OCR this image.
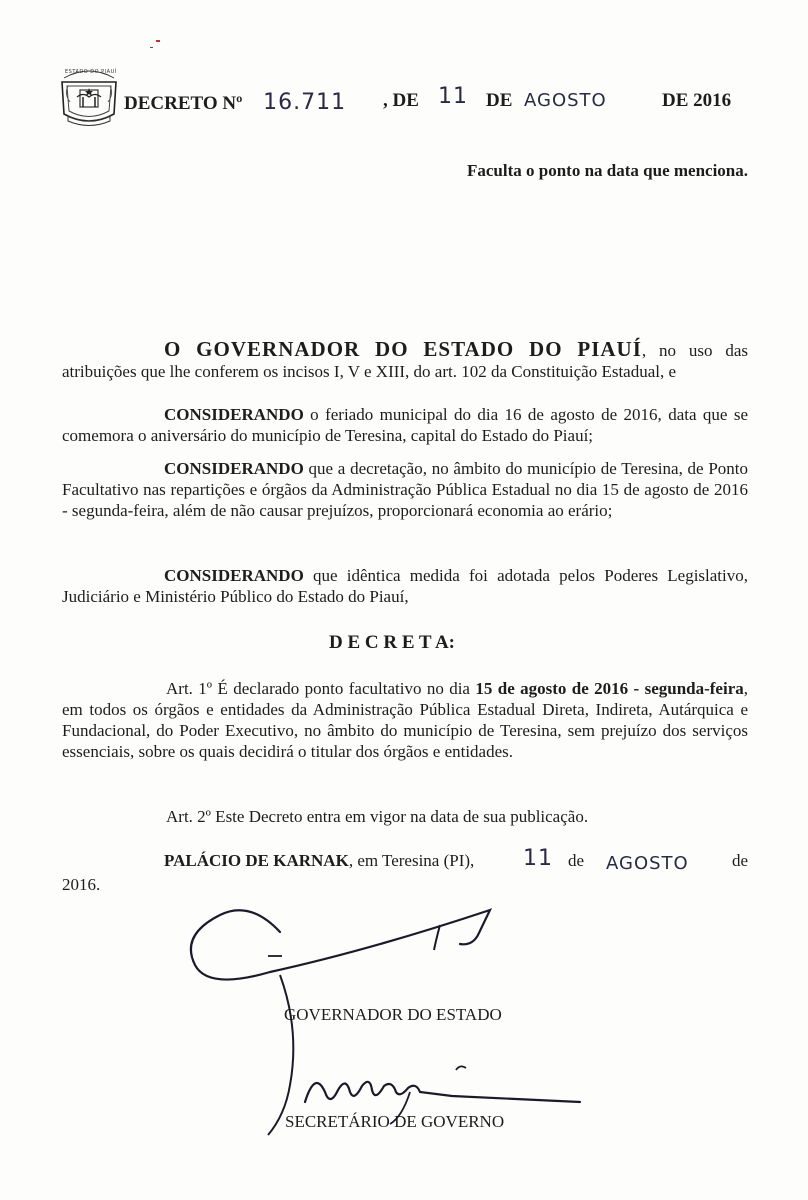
ESTADO DO PIAUÍ
DECRETO Nº 16.711 , DE 11 DE AGOSTO	DE 2016
Faculta o ponto na data que menciona.

O GOVERNADOR DO ESTADO DO PIAUÍ, no uso das atribuições que lhe conferem os incisos I, V e XIII, do art. 102 da Constituição Estadual, e

CONSIDERANDO o feriado municipal do dia 16 de agosto de 2016, data que se comemora o aniversário do município de Teresina, capital do Estado do Piauí;

CONSIDERANDO que a decretação, no âmbito do município de Teresina, de Ponto Facultativo nas repartições e órgãos da Administração Pública Estadual no dia 15 de agosto de 2016 - segunda-feira, além de não causar prejuízos, proporcionará economia ao erário;

CONSIDERANDO que idêntica medida foi adotada pelos Poderes Legislativo, Judiciário e Ministério Público do Estado do Piauí,

D E C R E T A:

Art. 1º É declarado ponto facultativo no dia 15 de agosto de 2016 - segunda-feira, em todos os órgãos e entidades da Administração Pública Estadual Direta, Indireta, Autárquica e Fundacional, do Poder Executivo, no âmbito do município de Teresina, sem prejuízo dos serviços essenciais, sobre os quais decidirá o titular dos órgãos e entidades.

Art. 2º Este Decreto entra em vigor na data de sua publicação.
PALÁCIO DE KARNAK, em Teresina (PI), 11 de AGOSTO	de
2016.
GOVERNADOR DO ESTADO
SECRETÁRIO DE GOVERNO
